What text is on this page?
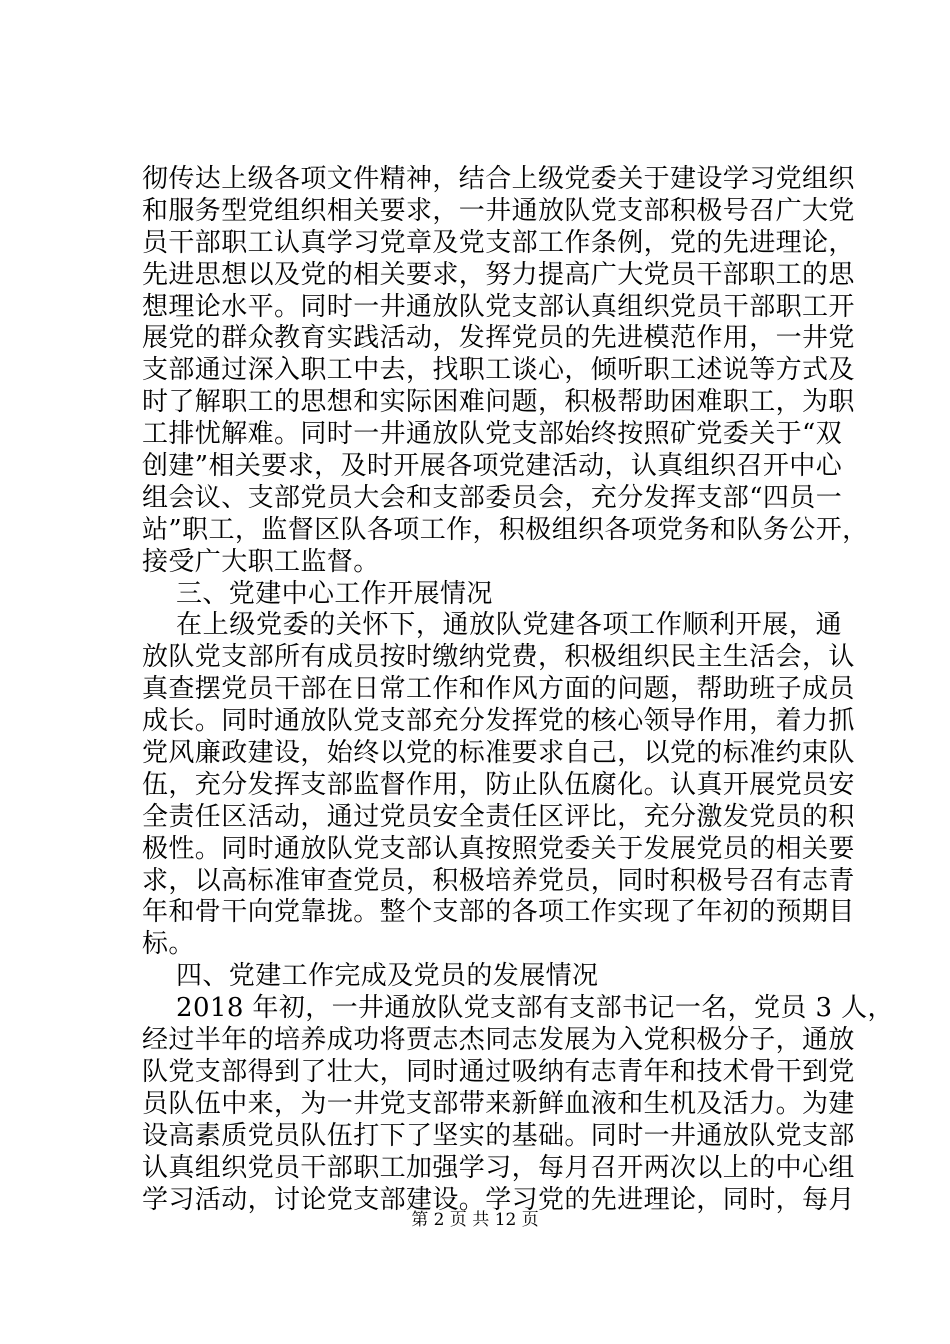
彻传达上级各项文件精神，结合上级党委关于建设学习党组织
和服务型党组织相关要求，一井通放队党支部积极号召广大党
员干部职工认真学习党章及党支部工作条例，党的先进理论，
先进思想以及党的相关要求，努力提高广大党员干部职工的思
想理论水平。同时一井通放队党支部认真组织党员干部职工开
展党的群众教育实践活动，发挥党员的先进模范作用，一井党
支部通过深入职工中去，找职工谈心，倾听职工述说等方式及
时了解职工的思想和实际困难问题，积极帮助困难职工，为职
工排忧解难。同时一井通放队党支部始终按照矿党委关于“双
创建”相关要求，及时开展各项党建活动，认真组织召开中心
组会议、支部党员大会和支部委员会，充分发挥支部“四员一
站”职工，监督区队各项工作，积极组织各项党务和队务公开，
接受广大职工监督。
三、党建中心工作开展情况
在上级党委的关怀下，通放队党建各项工作顺利开展，通
放队党支部所有成员按时缴纳党费，积极组织民主生活会，认
真查摆党员干部在日常工作和作风方面的问题，帮助班子成员
成长。同时通放队党支部充分发挥党的核心领导作用，着力抓
党风廉政建设，始终以党的标准要求自己，以党的标准约束队
伍，充分发挥支部监督作用，防止队伍腐化。认真开展党员安
全责任区活动，通过党员安全责任区评比，充分激发党员的积
极性。同时通放队党支部认真按照党委关于发展党员的相关要
求，以高标准审查党员，积极培养党员，同时积极号召有志青
年和骨干向党靠拢。整个支部的各项工作实现了年初的预期目
标。
四、党建工作完成及党员的发展情况
2018 年初，一井通放队党支部有支部书记一名，党员 3 人，
经过半年的培养成功将贾志杰同志发展为入党积极分子，通放
队党支部得到了壮大，同时通过吸纳有志青年和技术骨干到党
员队伍中来，为一井党支部带来新鲜血液和生机及活力。为建
设高素质党员队伍打下了坚实的基础。同时一井通放队党支部
认真组织党员干部职工加强学习，每月召开两次以上的中心组
学习活动，讨论党支部建设。学习党的先进理论，同时，每月
第 2 页 共 12 页
